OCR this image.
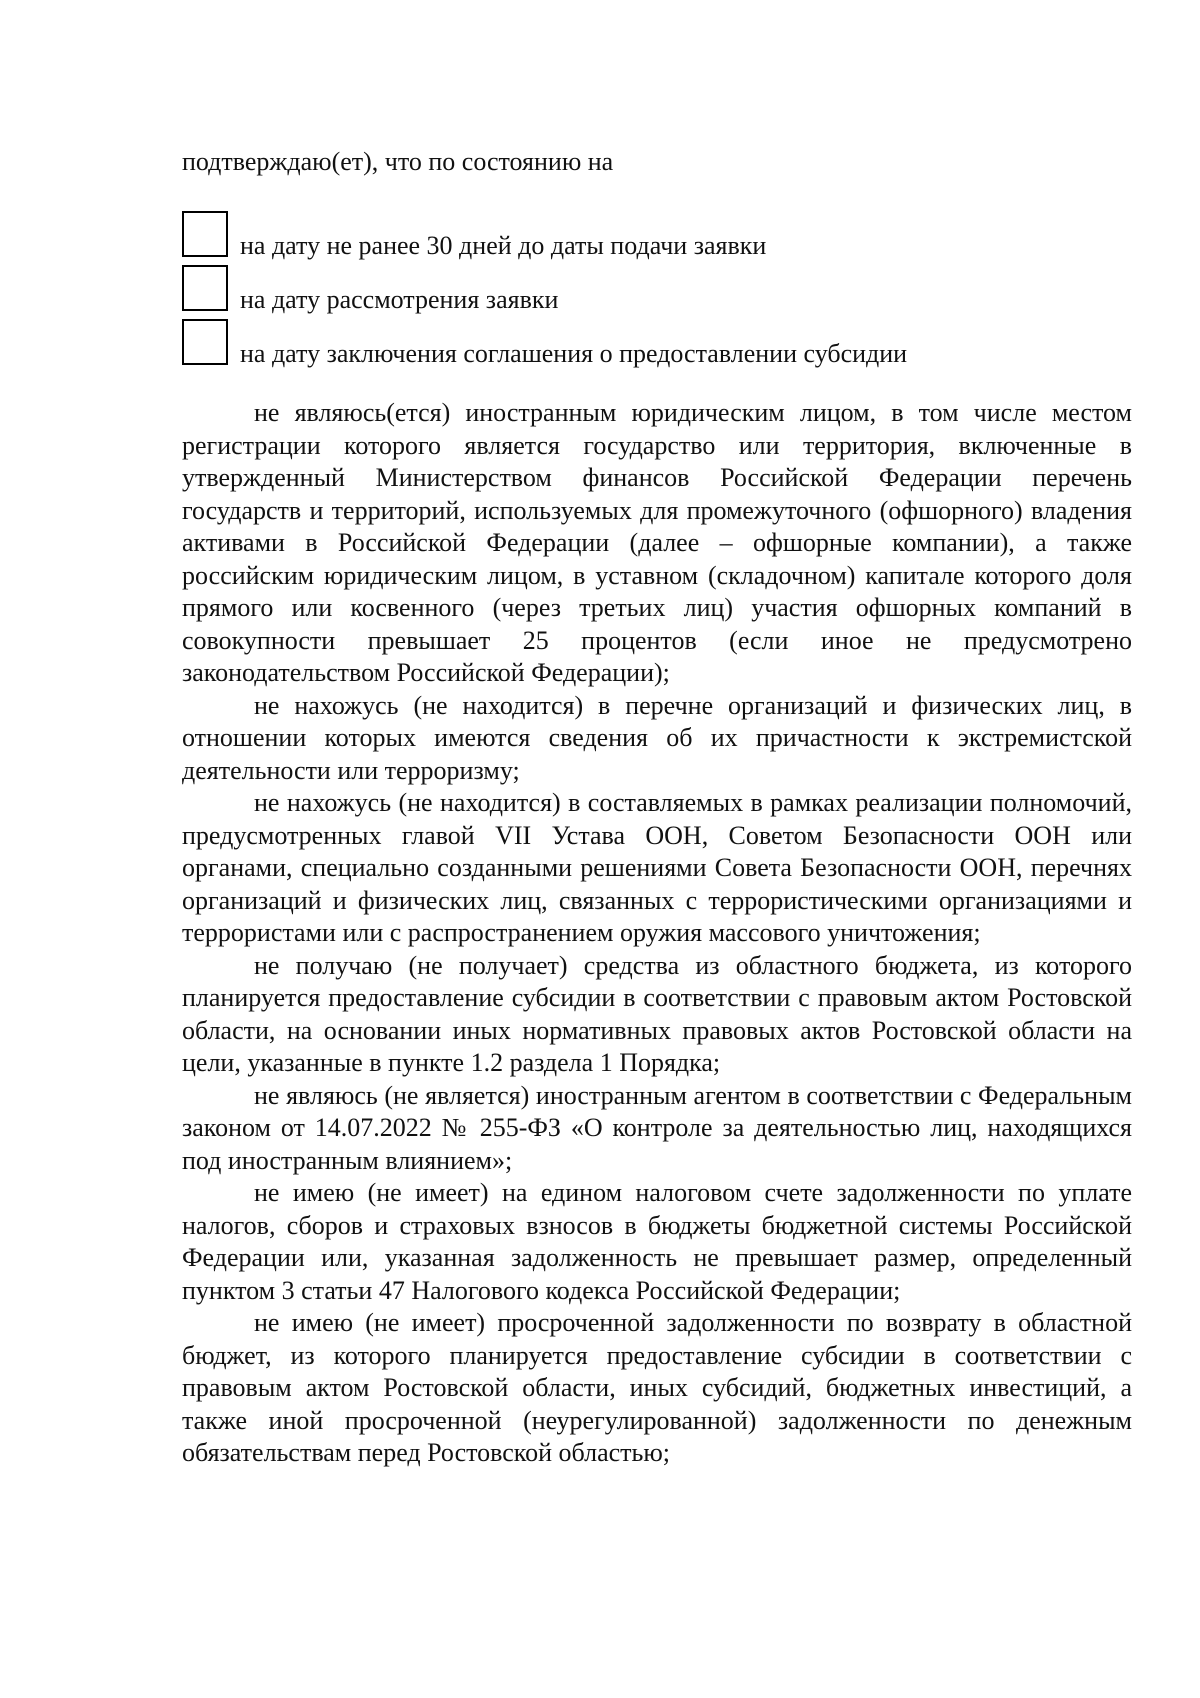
подтверждаю(ет), что по состоянию на

на дату не ранее 30 дней до даты подачи заявки
на дату рассмотрения заявки
на дату заключения соглашения о предоставлении субсидии

не являюсь(ется) иностранным юридическим лицом, в том числе местом регистрации которого является государство или территория, включенные в утвержденный Министерством финансов Российской Федерации перечень государств и территорий, используемых для промежуточного (офшорного) владения активами в Российской Федерации (далее – офшорные компании), а также российским юридическим лицом, в уставном (складочном) капитале которого доля прямого или косвенного (через третьих лиц) участия офшорных компаний в совокупности превышает 25 процентов (если иное не предусмотрено законодательством Российской Федерации);

не нахожусь (не находится) в перечне организаций и физических лиц, в отношении которых имеются сведения об их причастности к экстремистской деятельности или терроризму;

не нахожусь (не находится) в составляемых в рамках реализации полномочий, предусмотренных главой VII Устава ООН, Советом Безопасности ООН или органами, специально созданными решениями Совета Безопасности ООН, перечнях организаций и физических лиц, связанных с террористическими организациями и террористами или с распространением оружия массового уничтожения;

не получаю (не получает) средства из областного бюджета, из которого планируется предоставление субсидии в соответствии с правовым актом Ростовской области, на основании иных нормативных правовых актов Ростовской области на цели, указанные в пункте 1.2 раздела 1 Порядка;

не являюсь (не является) иностранным агентом в соответствии с Федеральным законом от 14.07.2022 № 255-ФЗ «О контроле за деятельностью лиц, находящихся под иностранным влиянием»;

не имею (не имеет) на едином налоговом счете задолженности по уплате налогов, сборов и страховых взносов в бюджеты бюджетной системы Российской Федерации или, указанная задолженность не превышает размер, определенный пунктом 3 статьи 47 Налогового кодекса Российской Федерации;

не имею (не имеет) просроченной задолженности по возврату в областной бюджет, из которого планируется предоставление субсидии в соответствии с правовым актом Ростовской области, иных субсидий, бюджетных инвестиций, а также иной просроченной (неурегулированной) задолженности по денежным обязательствам перед Ростовской областью;
